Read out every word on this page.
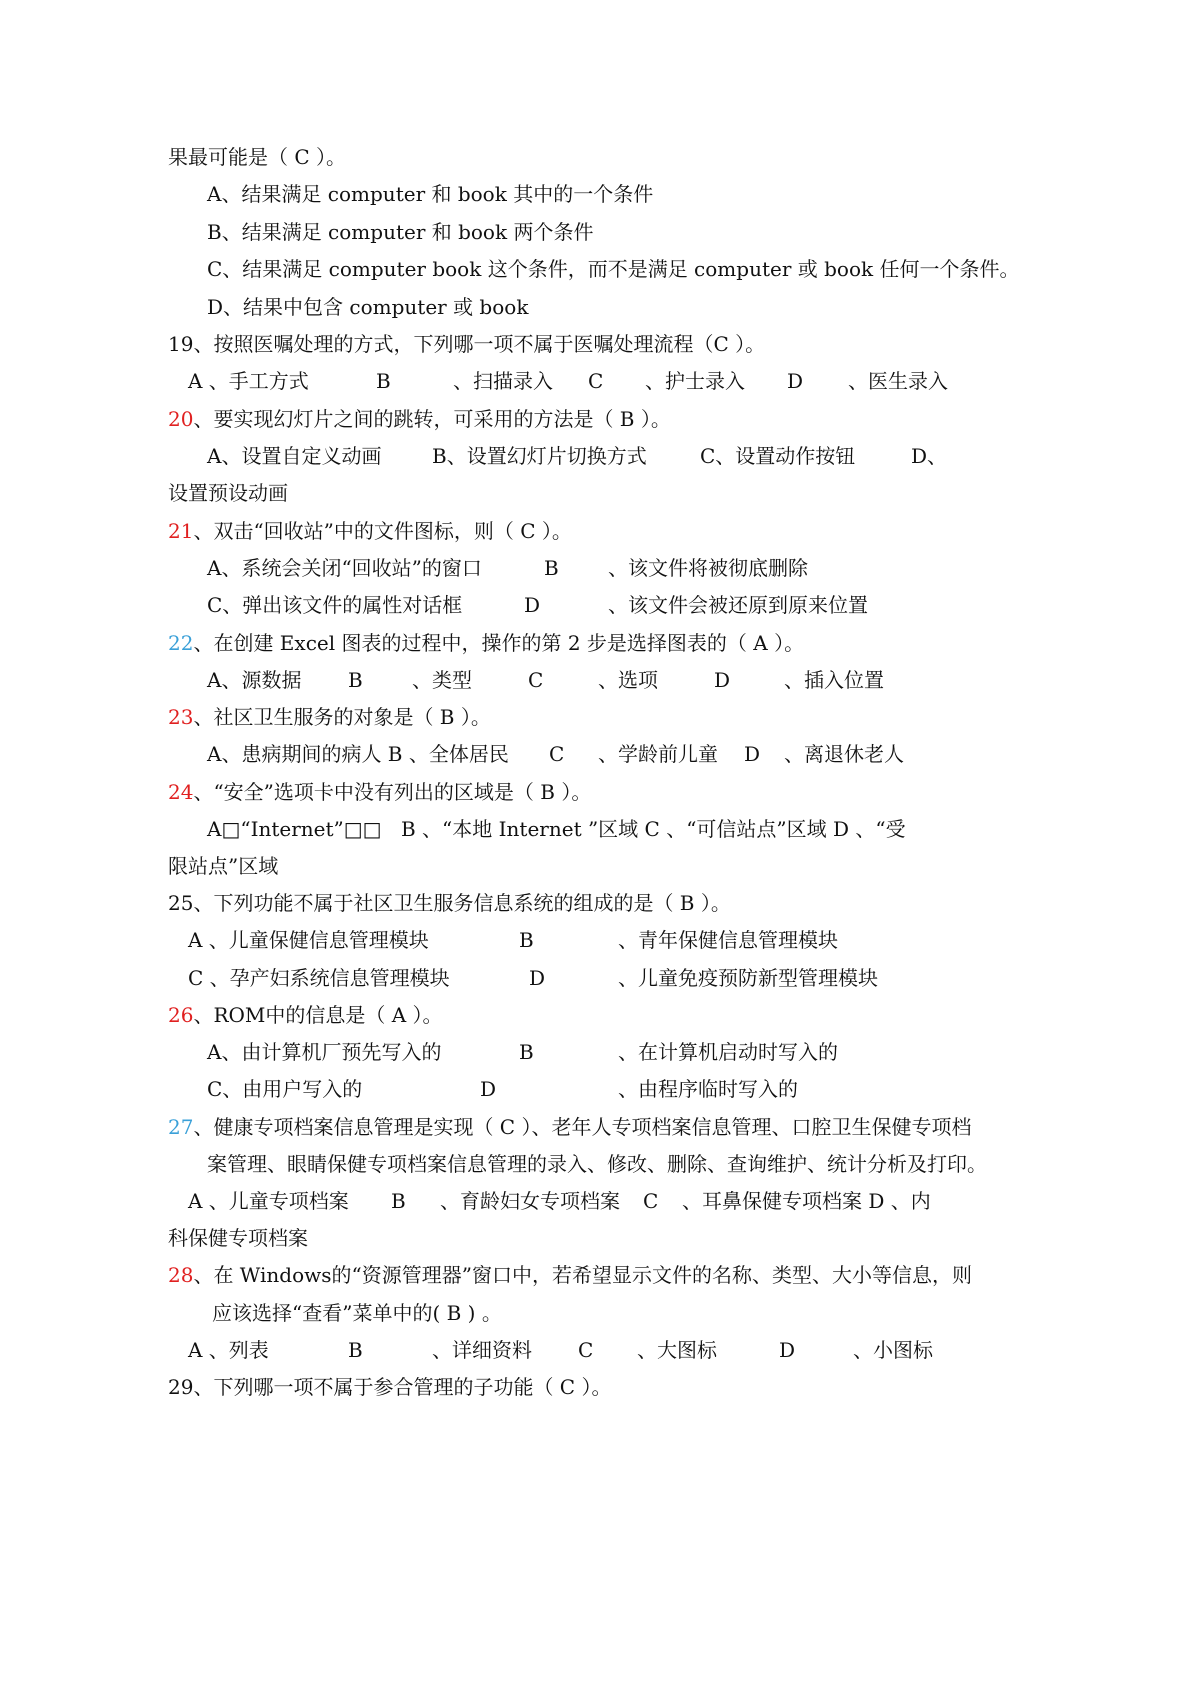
果最可能是（ C ）。
A、结果满足 computer 和 book 其中的一个条件
B、结果满足 computer 和 book 两个条件
C、结果满足 computer book 这个条件，而不是满足 computer 或 book 任何一个条件。
D、结果中包含 computer 或 book
19、按照医嘱处理的方式，下列哪一项不属于医嘱处理流程（C ）。
A 、手工方式	B	、扫描录入 C 、护士录入 D 、医生录入
20、要实现幻灯片之间的跳转，可采用的方法是（ B ）。
A、设置自定义动画	B、设置幻灯片切换方式	C、设置动作按钮	D、
设置预设动画
21、双击“回收站”中的文件图标，则（ C ）。
A、系统会关闭“回收站”的窗口	B 、该文件将被彻底删除
C、弹出该文件的属性对话框	D	、该文件会被还原到原来位置
22、在创建 Excel 图表的过程中，操作的第 2 步是选择图表的（ A ）。
A、源数据 B 、类型	C	、选项	D	、插入位置
23、社区卫生服务的对象是（ B ）。
A、患病期间的病人 B 、全体居民 C 、学龄前儿童 D 、离退休老人
24、“安全”选项卡中没有列出的区域是（ B ）。
A□“Internet”□□ B 、“本地 Internet ”区域 C 、“可信站点”区域 D 、“受
限站点”区域
25、下列功能不属于社区卫生服务信息系统的组成的是（ B ）。
A 、儿童保健信息管理模块	B	、青年保健信息管理模块
C 、孕产妇系统信息管理模块	D	、儿童免疫预防新型管理模块
26、ROM中的信息是（ A ）。
A、由计算机厂预先写入的	B	、在计算机启动时写入的
C、由用户写入的	D	、由程序临时写入的
27、健康专项档案信息管理是实现（ C ）、老年人专项档案信息管理、口腔卫生保健专项档
案管理、眼睛保健专项档案信息管理的录入、修改、删除、查询维护、统计分析及打印。
A 、儿童专项档案 B 、育龄妇女专项档案 C 、耳鼻保健专项档案 D 、内
科保健专项档案
28、在 Windows的“资源管理器”窗口中，若希望显示文件的名称、类型、大小等信息，则
应该选择“查看”菜单中的( B ) 。
A 、列表	B	、详细资料 C 、大图标	D	、小图标
29、下列哪一项不属于参合管理的子功能（ C ）。
